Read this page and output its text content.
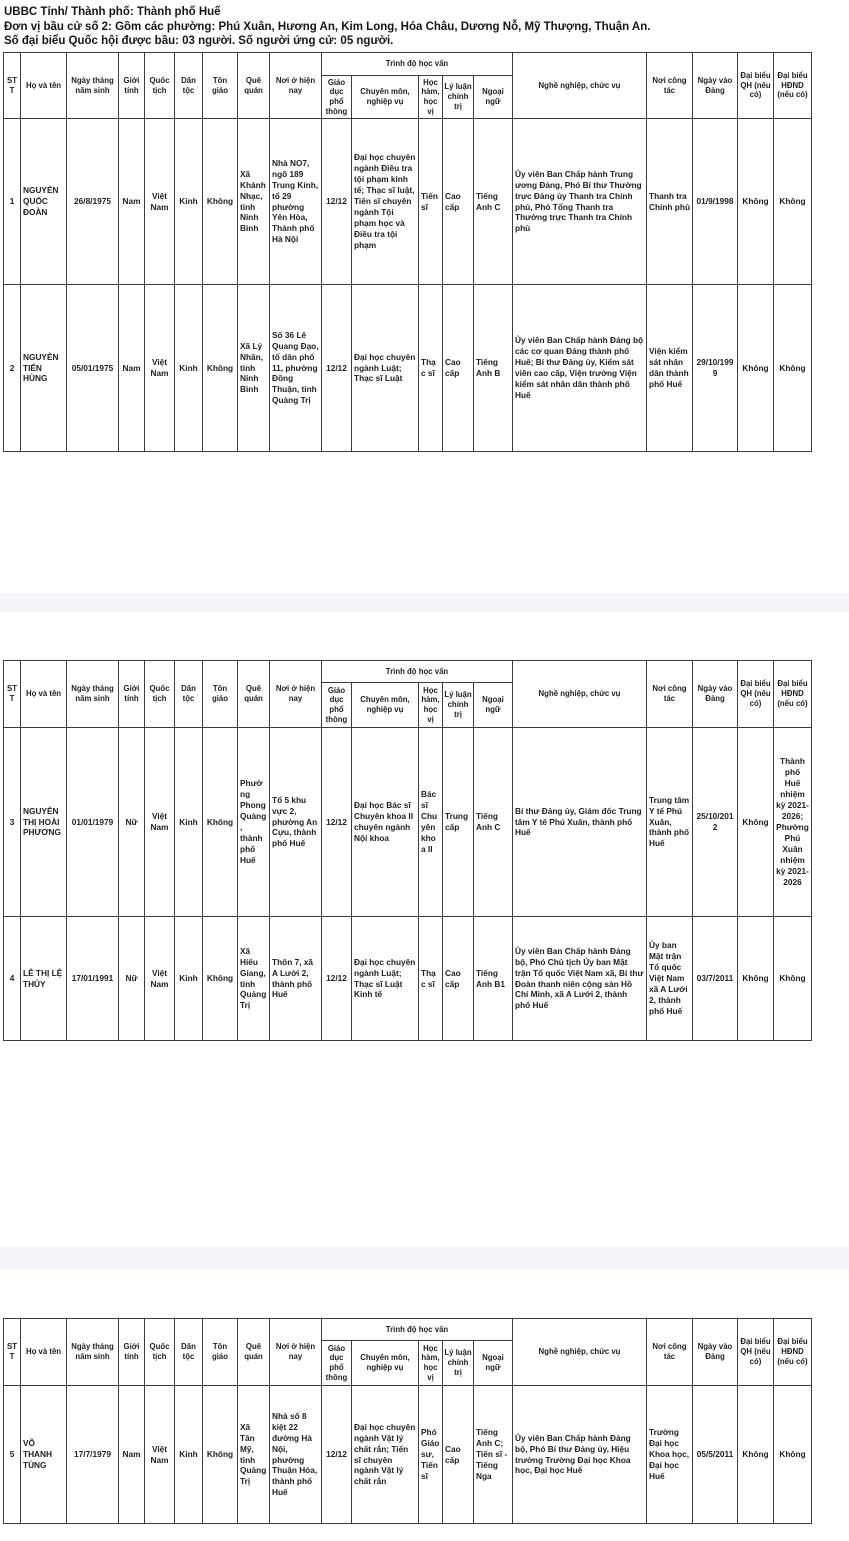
UBBC Tỉnh/ Thành phố: Thành phố Huế
Đơn vị bầu cử số 2: Gồm các phường: Phú Xuân, Hương An, Kim Long, Hóa Châu, Dương Nỗ, Mỹ Thượng, Thuận An.
Số đại biểu Quốc hội được bầu: 03 người. Số người ứng cử: 05 người.
STT	Họ và tên	Ngày tháng năm sinh	Giới tính	Quốc tịch	Dân tộc	Tôn giáo	Quê quán	Nơi ở hiện nay	Trình độ học vấn					Nghề nghiệp, chức vụ	Nơi công tác	Ngày vào Đảng	Đại biểu QH (nếu có)	Đại biểu HĐND (nếu có)
									Giáo dục phổ thông	Chuyên môn, nghiệp vụ	Học hàm, học vị	Lý luận chính trị	Ngoại ngữ					
1	NGUYỄN QUỐC ĐOÀN	26/8/1975	Nam	Việt Nam	Kinh	Không	Xã Khánh Nhạc, tỉnh Ninh Bình	Nhà NO7, ngõ 189 Trung Kính, tổ 29 phường Yên Hòa, Thành phố Hà Nội	12/12	Đại học chuyên ngành Điều tra tội phạm kinh tế; Thạc sĩ luật, Tiến sĩ chuyên ngành Tội phạm học và Điều tra tội phạm	Tiến sĩ	Cao cấp	Tiếng Anh C	Ủy viên Ban Chấp hành Trung ương Đảng, Phó Bí thư Thường trực Đảng ủy Thanh tra Chính phủ, Phó Tổng Thanh tra Thường trực Thanh tra Chính phủ	Thanh tra Chính phủ	01/9/1998	Không	Không
2	NGUYỄN TIẾN HÙNG	05/01/1975	Nam	Việt Nam	Kinh	Không	Xã Lý Nhân, tỉnh Ninh Bình	Số 36 Lê Quang Đạo, tổ dân phố 11, phường Đồng Thuận, tỉnh Quảng Trị	12/12	Đại học chuyên ngành Luật; Thạc sĩ Luật	Thạc sĩ	Cao cấp	Tiếng Anh B	Ủy viên Ban Chấp hành Đảng bộ các cơ quan Đảng thành phố Huế; Bí thư Đảng ủy, Kiểm sát viên cao cấp, Viện trưởng Viện kiểm sát nhân dân thành phố Huế	Viện kiểm sát nhân dân thành phố Huế	29/10/1999	Không	Không
STT	Họ và tên	Ngày tháng năm sinh	Giới tính	Quốc tịch	Dân tộc	Tôn giáo	Quê quán	Nơi ở hiện nay	Trình độ học vấn					Nghề nghiệp, chức vụ	Nơi công tác	Ngày vào Đảng	Đại biểu QH (nếu có)	Đại biểu HĐND (nếu có)
									Giáo dục phổ thông	Chuyên môn, nghiệp vụ	Học hàm, học vị	Lý luận chính trị	Ngoại ngữ					
3	NGUYỄN THỊ HOÀI PHƯƠNG	01/01/1979	Nữ	Việt Nam	Kinh	Không	Phường Phong Quảng, thành phố Huế	Tổ 5 khu vực 2, phường An Cựu, thành phố Huế	12/12	Đại học Bác sĩ Chuyên khoa II chuyên ngành Nội khoa	Bác sĩ Chuyên khoa II	Trung cấp	Tiếng Anh C	Bí thư Đảng ủy, Giám đốc Trung tâm Y tế Phú Xuân, thành phố Huế	Trung tâm Y tế Phú Xuân, thành phố Huế	25/10/2012	Không	Thành phố Huế nhiệm kỳ 2021-2026; Phường Phú Xuân nhiệm kỳ 2021-2026
4	LÊ THỊ LỆ THỦY	17/01/1991	Nữ	Việt Nam	Kinh	Không	Xã Hiếu Giang, tỉnh Quảng Trị	Thôn 7, xã A Lưới 2, thành phố Huế	12/12	Đại học chuyên ngành Luật; Thạc sĩ Luật Kinh tế	Thạc sĩ	Cao cấp	Tiếng Anh B1	Ủy viên Ban Chấp hành Đảng bộ, Phó Chủ tịch Ủy ban Mặt trận Tổ quốc Việt Nam xã, Bí thư Đoàn thanh niên cộng sản Hồ Chí Minh, xã A Lưới 2, thành phố Huế	Ủy ban Mặt trận Tổ quốc Việt Nam xã A Lưới 2, thành phố Huế	03/7/2011	Không	Không
STT	Họ và tên	Ngày tháng năm sinh	Giới tính	Quốc tịch	Dân tộc	Tôn giáo	Quê quán	Nơi ở hiện nay	Trình độ học vấn					Nghề nghiệp, chức vụ	Nơi công tác	Ngày vào Đảng	Đại biểu QH (nếu có)	Đại biểu HĐND (nếu có)
									Giáo dục phổ thông	Chuyên môn, nghiệp vụ	Học hàm, học vị	Lý luận chính trị	Ngoại ngữ					
5	VÕ THANH TÙNG	17/7/1979	Nam	Việt Nam	Kinh	Không	Xã Tân Mỹ, tỉnh Quảng Trị	Nhà số 8 kiệt 22 đường Hà Nội, phường Thuận Hóa, thành phố Huế	12/12	Đại học chuyên ngành Vật lý chất rắn; Tiến sĩ chuyên ngành Vật lý chất rắn	Phó Giáo sư, Tiến sĩ	Cao cấp	Tiếng Anh C; Tiến sĩ - Tiếng Nga	Ủy viên Ban Chấp hành Đảng bộ, Phó Bí thư Đảng ủy, Hiệu trưởng Trường Đại học Khoa học, Đại học Huế	Trường Đại học Khoa học, Đại học Huế	05/5/2011	Không	Không
